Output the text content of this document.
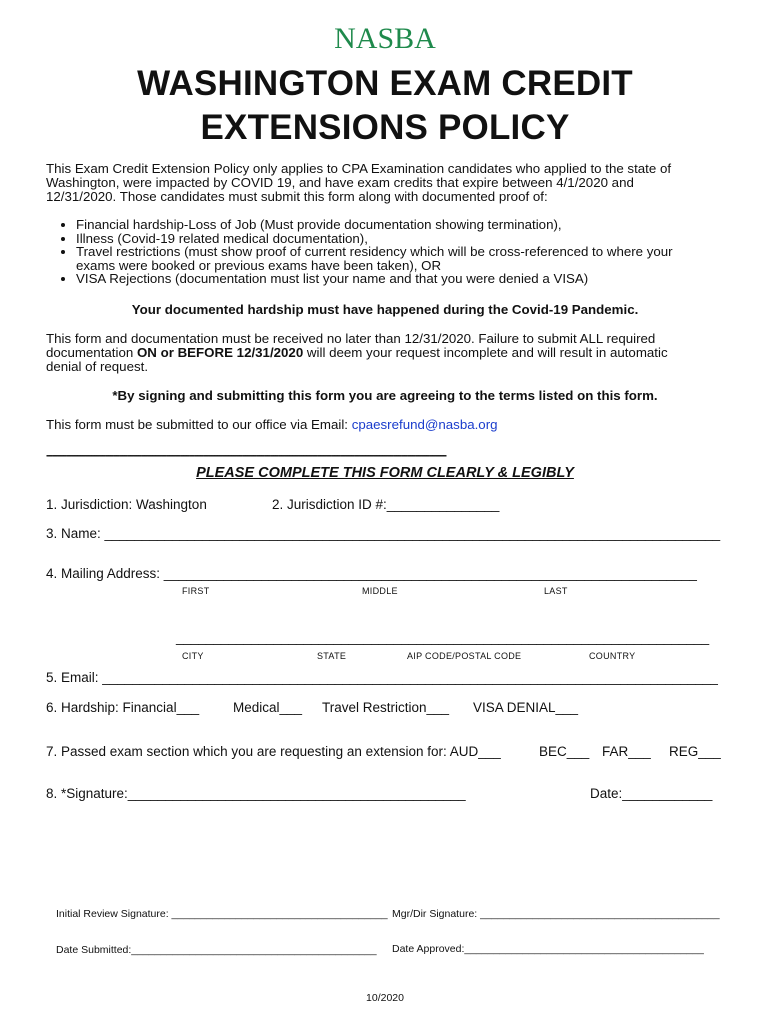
NASBA
WASHINGTON EXAM CREDIT
EXTENSIONS POLICY
This Exam Credit Extension Policy only applies to CPA Examination candidates who applied to the state of
Washington, were impacted by COVID 19, and have exam credits that expire between 4/1/2020 and
12/31/2020. Those candidates must submit this form along with documented proof of:
• Financial hardship-Loss of Job (Must provide documentation showing termination),
• Illness (Covid-19 related medical documentation),
• Travel restrictions (must show proof of current residency which will be cross-referenced to where your
exams were booked or previous exams have been taken), OR
• VISA Rejections (documentation must list your name and that you were denied a VISA)
Your documented hardship must have happened during the Covid-19 Pandemic.
This form and documentation must be received no later than 12/31/2020. Failure to submit ALL required
documentation ON or BEFORE 12/31/2020 will deem your request incomplete and will result in automatic
denial of request.
*By signing and submitting this form you are agreeing to the terms listed on this form.
This form must be submitted to our office via Email: cpaesrefund@nasba.org
-----------------------------------------------------------------------------------------------------------------------------------------------
PLEASE COMPLETE THIS FORM CLEARLY & LEGIBLY
1. Jurisdiction: Washington	2. Jurisdiction ID #:_______________
3. Name: __________________________________________________________________________________
4. Mailing Address: _______________________________________________________________________
FIRST	MIDDLE	LAST
_______________________________________________________________________
CITY	STATE	AIP CODE/POSTAL CODE	COUNTRY
5. Email: __________________________________________________________________________________
6. Hardship: Financial___	Medical___ Travel Restriction___ VISA DENIAL___
7. Passed exam section which you are requesting an extension for: AUD___	BEC___ FAR___ REG___
8. *Signature:_____________________________________________	Date:____________
Initial Review Signature: _____________________________________ Mgr/Dir Signature: _________________________________________
Date Submitted:__________________________________________ Date Approved:_________________________________________
10/2020
